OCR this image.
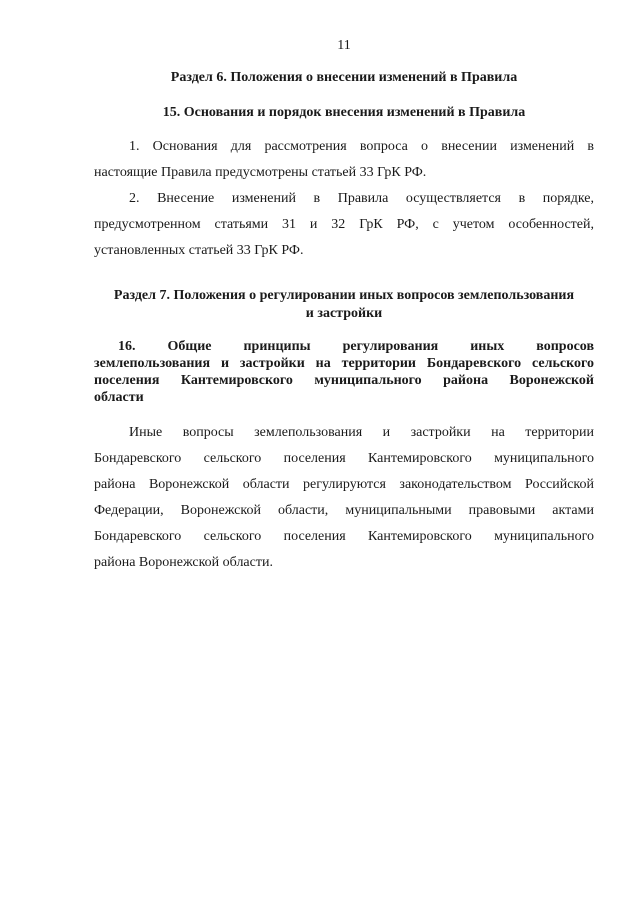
11
Раздел 6. Положения о внесении изменений в Правила
15. Основания и порядок внесения изменений в Правила
1. Основания для рассмотрения вопроса о внесении изменений в
настоящие Правила предусмотрены статьей 33 ГрК РФ.
2. Внесение изменений в Правила осуществляется в порядке,
предусмотренном статьями 31 и 32 ГрК РФ, с учетом особенностей,
установленных статьей 33 ГрК РФ.
Раздел 7. Положения о регулировании иных вопросов землепользования
и застройки
16. Общие принципы регулирования иных вопросов
землепользования и застройки на территории Бондаревского сельского
поселения Кантемировского муниципального района Воронежской
области
Иные вопросы землепользования и застройки на территории
Бондаревского сельского поселения Кантемировского муниципального
района Воронежской области регулируются законодательством Российской
Федерации, Воронежской области, муниципальными правовыми актами
Бондаревского сельского поселения Кантемировского муниципального
района Воронежской области.
